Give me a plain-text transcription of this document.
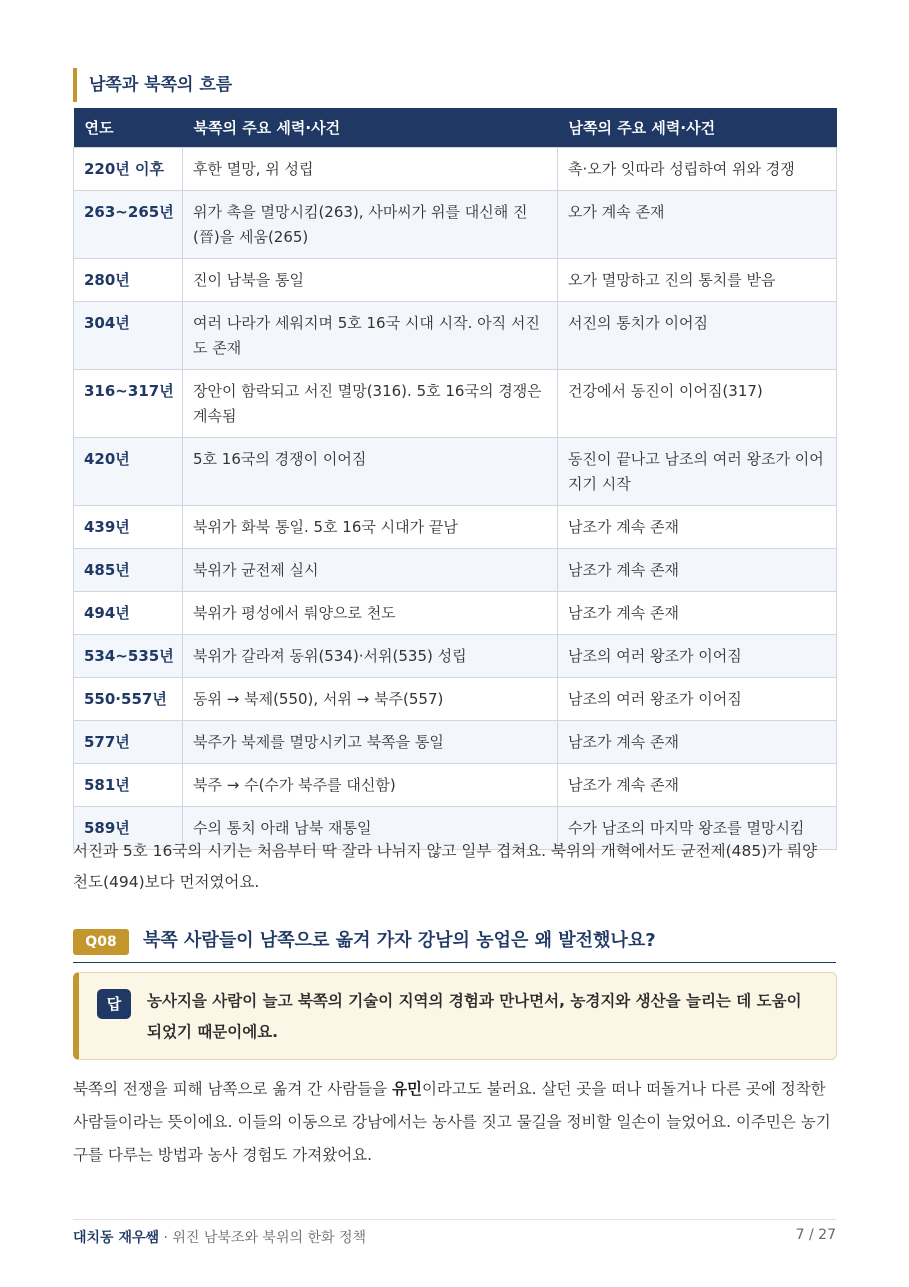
남쪽과 북쪽의 흐름
연도	북쪽의 주요 세력·사건	남쪽의 주요 세력·사건
220년 이후	후한 멸망, 위 성립	촉·오가 잇따라 성립하여 위와 경쟁
263~265년	위가 촉을 멸망시킴(263), 사마씨가 위를 대신해 진(晉)을 세움(265)	오가 계속 존재
280년	진이 남북을 통일	오가 멸망하고 진의 통치를 받음
304년	여러 나라가 세워지며 5호 16국 시대 시작. 아직 서진도 존재	서진의 통치가 이어짐
316~317년	장안이 함락되고 서진 멸망(316). 5호 16국의 경쟁은 계속됨	건강에서 동진이 이어짐(317)
420년	5호 16국의 경쟁이 이어짐	동진이 끝나고 남조의 여러 왕조가 이어지기 시작
439년	북위가 화북 통일. 5호 16국 시대가 끝남	남조가 계속 존재
485년	북위가 균전제 실시	남조가 계속 존재
494년	북위가 평성에서 뤄양으로 천도	남조가 계속 존재
534~535년	북위가 갈라져 동위(534)·서위(535) 성립	남조의 여러 왕조가 이어짐
550·557년	동위 → 북제(550), 서위 → 북주(557)	남조의 여러 왕조가 이어짐
577년	북주가 북제를 멸망시키고 북쪽을 통일	남조가 계속 존재
581년	북주 → 수(수가 북주를 대신함)	남조가 계속 존재
589년	수의 통치 아래 남북 재통일	수가 남조의 마지막 왕조를 멸망시킴
서진과 5호 16국의 시기는 처음부터 딱 잘라 나뉘지 않고 일부 겹쳐요. 북위의 개혁에서도 균전제(485)가 뤄양 천도(494)보다 먼저였어요.
Q08	북쪽 사람들이 남쪽으로 옮겨 가자 강남의 농업은 왜 발전했나요?
답	농사지을 사람이 늘고 북쪽의 기술이 지역의 경험과 만나면서, 농경지와 생산을 늘리는 데 도움이 되었기 때문이에요.
북쪽의 전쟁을 피해 남쪽으로 옮겨 간 사람들을 유민이라고도 불러요. 살던 곳을 떠나 떠돌거나 다른 곳에 정착한 사람들이라는 뜻이에요. 이들의 이동으로 강남에서는 농사를 짓고 물길을 정비할 일손이 늘었어요. 이주민은 농기구를 다루는 방법과 농사 경험도 가져왔어요.
대치동 재우쌤 · 위진 남북조와 북위의 한화 정책	7 / 27
